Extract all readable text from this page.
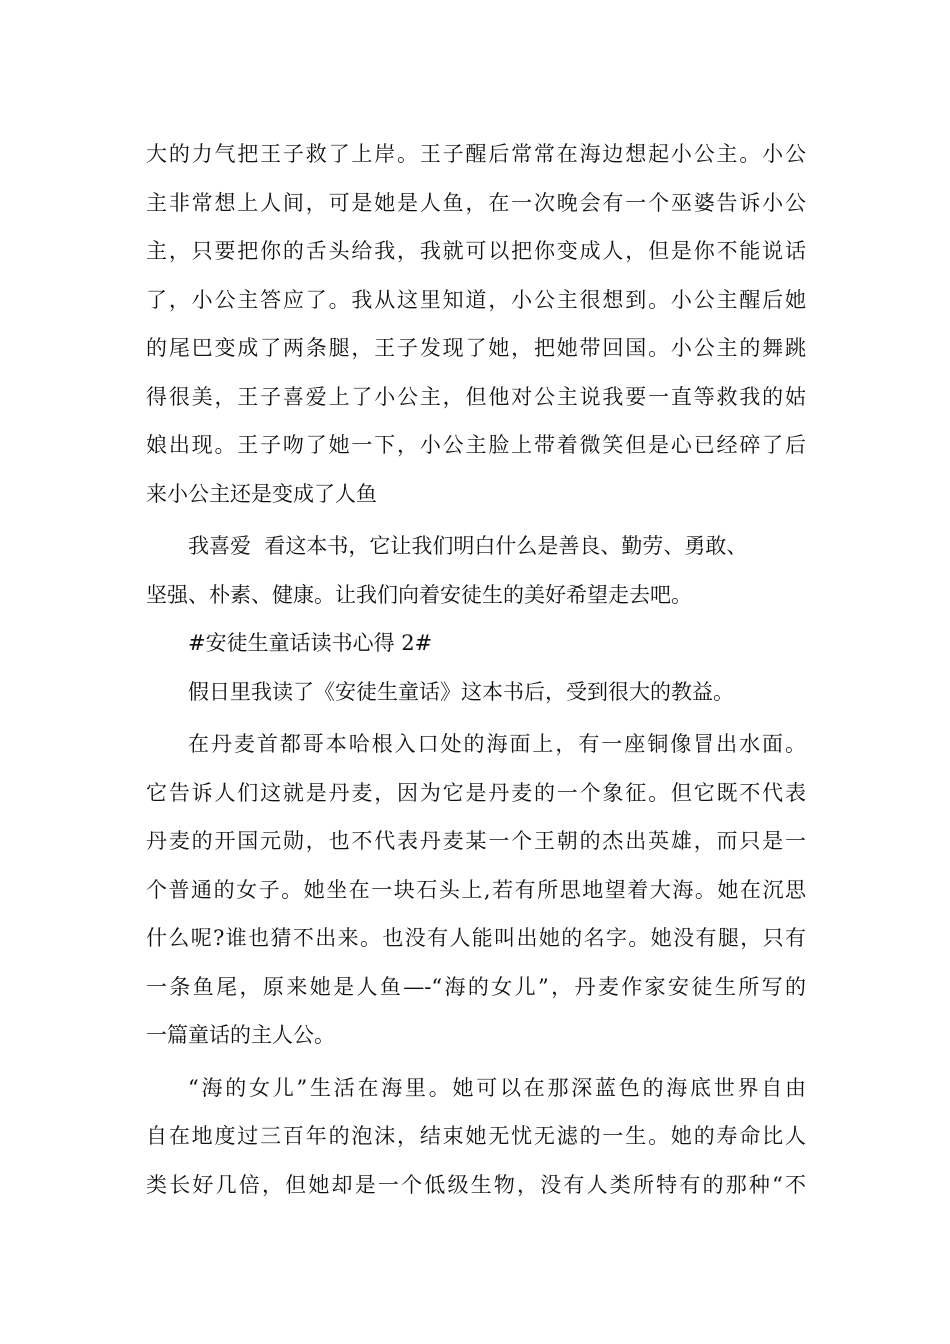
大的力气把王子救了上岸。王子醒后常常在海边想起小公主。小公
主非常想上人间，可是她是人鱼，在一次晚会有一个巫婆告诉小公
主，只要把你的舌头给我，我就可以把你变成人，但是你不能说话
了，小公主答应了。我从这里知道，小公主很想到。小公主醒后她
的尾巴变成了两条腿，王子发现了她，把她带回国。小公主的舞跳
得很美，王子喜爱上了小公主，但他对公主说我要一直等救我的姑
娘出现。王子吻了她一下，小公主脸上带着微笑但是心已经碎了后
来小公主还是变成了人鱼
我喜爱  看这本书，它让我们明白什么是善良、勤劳、勇敢、
坚强、朴素、健康。让我们向着安徒生的美好希望走去吧。
#安徒生童话读书心得 2#
假日里我读了《安徒生童话》这本书后，受到很大的教益。
在丹麦首都哥本哈根入口处的海面上，有一座铜像冒出水面。
它告诉人们这就是丹麦，因为它是丹麦的一个象征。但它既不代表
丹麦的开国元勋，也不代表丹麦某一个王朝的杰出英雄，而只是一
个普通的女子。她坐在一块石头上,若有所思地望着大海。她在沉思
什么呢?谁也猜不出来。也没有人能叫出她的名字。她没有腿，只有
一条鱼尾，原来她是人鱼—-“海的女儿”，丹麦作家安徒生所写的
一篇童话的主人公。
“海的女儿”生活在海里。她可以在那深蓝色的海底世界自由
自在地度过三百年的泡沫，结束她无忧无滤的一生。她的寿命比人
类长好几倍，但她却是一个低级生物，没有人类所特有的那种“不
